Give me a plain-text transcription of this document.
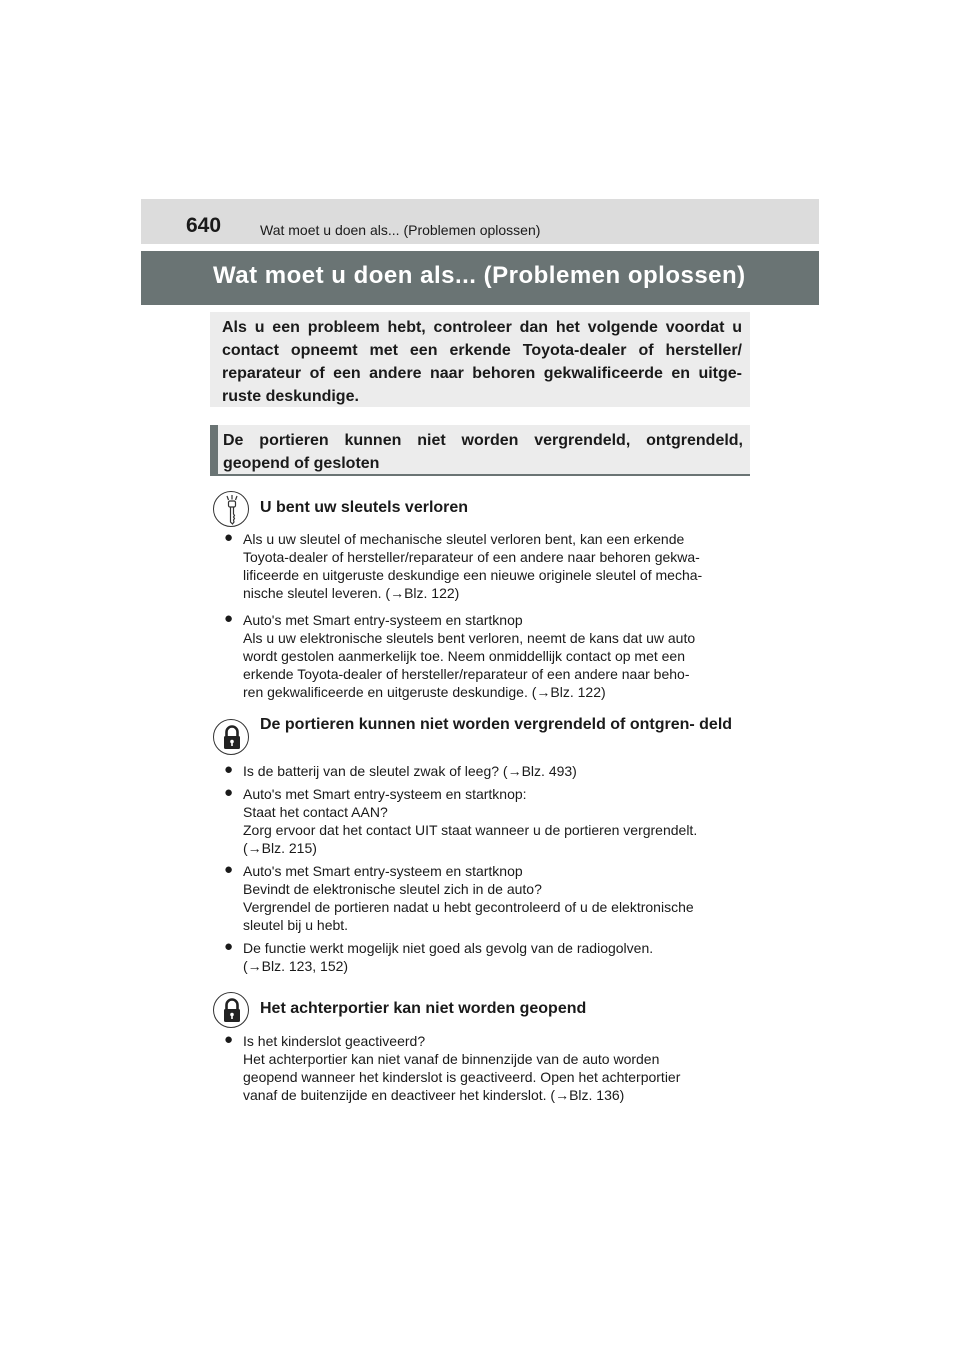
640	Wat moet u doen als... (Problemen oplossen)
Wat moet u doen als... (Problemen oplossen)
Als u een probleem hebt, controleer dan het volgende voordat u contact opneemt met een erkende Toyota-dealer of hersteller/ reparateur of een andere naar behoren gekwalificeerde en uitge- ruste deskundige.
De portieren kunnen niet worden vergrendeld, ontgrendeld, geopend of gesloten
U bent uw sleutels verloren
● Als u uw sleutel of mechanische sleutel verloren bent, kan een erkende
Toyota-dealer of hersteller/reparateur of een andere naar behoren gekwa-
lificeerde en uitgeruste deskundige een nieuwe originele sleutel of mecha-
nische sleutel leveren. (→Blz. 122)
● Auto's met Smart entry-systeem en startknop
Als u uw elektronische sleutels bent verloren, neemt de kans dat uw auto
wordt gestolen aanmerkelijk toe. Neem onmiddellijk contact op met een
erkende Toyota-dealer of hersteller/reparateur of een andere naar beho-
ren gekwalificeerde en uitgeruste deskundige. (→Blz. 122)
De portieren kunnen niet worden vergrendeld of ontgren- deld
● Is de batterij van de sleutel zwak of leeg? (→Blz. 493)
● Auto's met Smart entry-systeem en startknop:
Staat het contact AAN?
Zorg ervoor dat het contact UIT staat wanneer u de portieren vergrendelt.
(→Blz. 215)
● Auto's met Smart entry-systeem en startknop
Bevindt de elektronische sleutel zich in de auto?
Vergrendel de portieren nadat u hebt gecontroleerd of u de elektronische
sleutel bij u hebt.
● De functie werkt mogelijk niet goed als gevolg van de radiogolven.
(→Blz. 123, 152)
Het achterportier kan niet worden geopend
● Is het kinderslot geactiveerd?
Het achterportier kan niet vanaf de binnenzijde van de auto worden
geopend wanneer het kinderslot is geactiveerd. Open het achterportier
vanaf de buitenzijde en deactiveer het kinderslot. (→Blz. 136)
